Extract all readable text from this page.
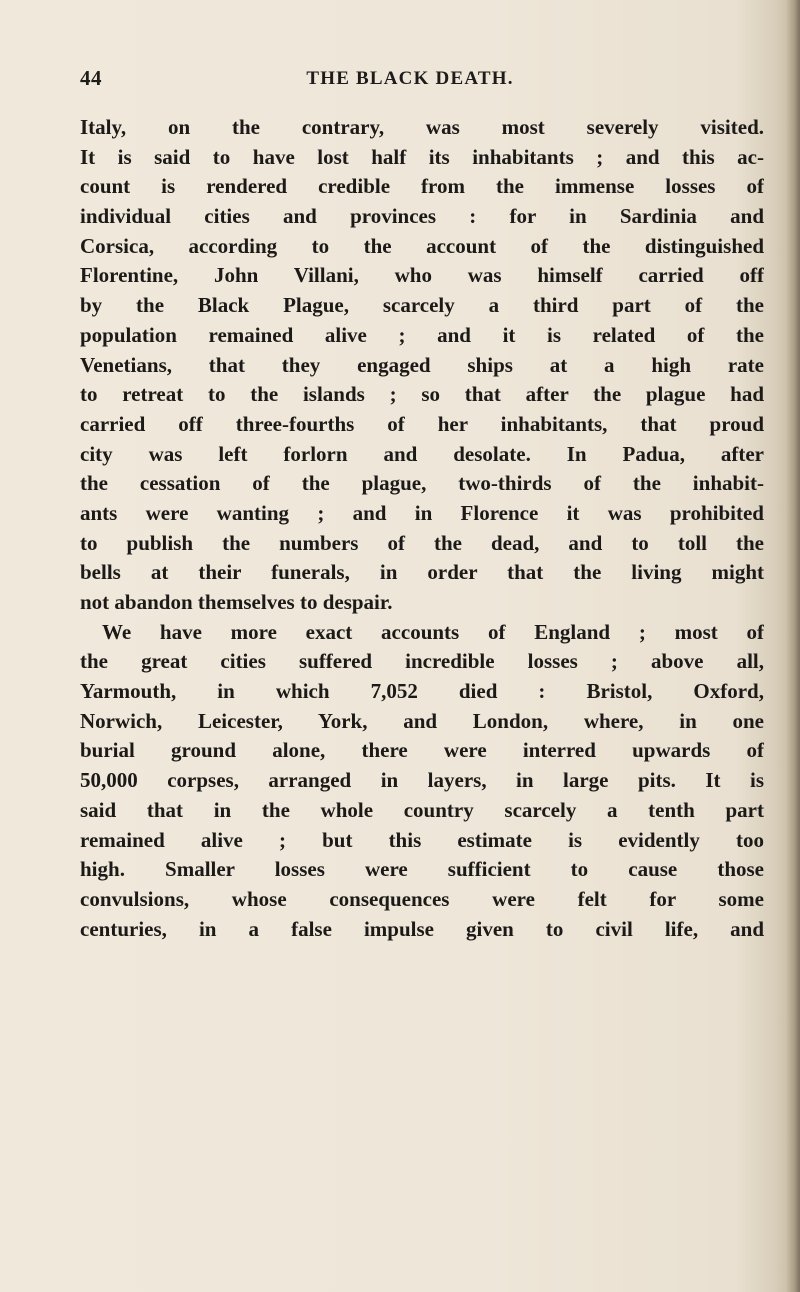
44	THE BLACK DEATH.
Italy, on the contrary, was most severely visited.
It is said to have lost half its inhabitants ; and this ac-
count is rendered credible from the immense losses of
individual cities and provinces : for in Sardinia and
Corsica, according to the account of the distinguished
Florentine, John Villani, who was himself carried off
by the Black Plague, scarcely a third part of the
population remained alive ; and it is related of the
Venetians, that they engaged ships at a high rate
to retreat to the islands ; so that after the plague had
carried off three-fourths of her inhabitants, that proud
city was left forlorn and desolate. In Padua, after
the cessation of the plague, two-thirds of the inhabit-
ants were wanting ; and in Florence it was prohibited
to publish the numbers of the dead, and to toll the
bells at their funerals, in order that the living might
not abandon themselves to despair.
We have more exact accounts of England ; most of
the great cities suffered incredible losses ; above all,
Yarmouth, in which 7,052 died : Bristol, Oxford,
Norwich, Leicester, York, and London, where, in one
burial ground alone, there were interred upwards of
50,000 corpses, arranged in layers, in large pits. It is
said that in the whole country scarcely a tenth part
remained alive ; but this estimate is evidently too
high. Smaller losses were sufficient to cause those
convulsions, whose consequences were felt for some
centuries, in a false impulse given to civil life, and
